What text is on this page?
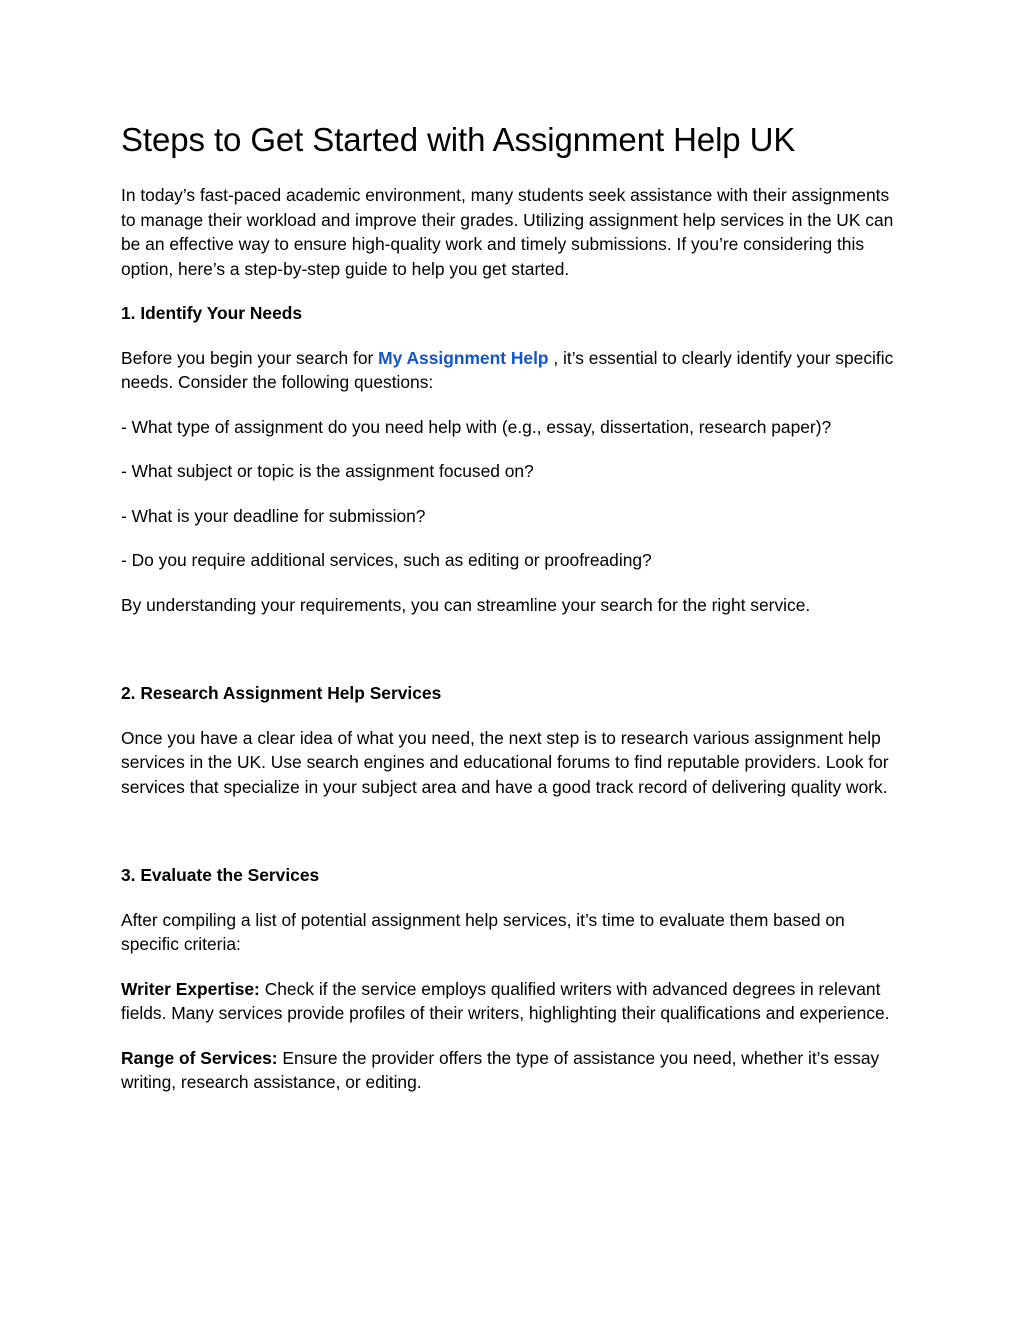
Steps to Get Started with Assignment Help UK

In today’s fast-paced academic environment, many students seek assistance with their assignments to manage their workload and improve their grades. Utilizing assignment help services in the UK can be an effective way to ensure high-quality work and timely submissions. If you’re considering this option, here’s a step-by-step guide to help you get started.

1. Identify Your Needs

Before you begin your search for My Assignment Help , it’s essential to clearly identify your specific needs. Consider the following questions:

- What type of assignment do you need help with (e.g., essay, dissertation, research paper)?

- What subject or topic is the assignment focused on?

- What is your deadline for submission?

- Do you require additional services, such as editing or proofreading?

By understanding your requirements, you can streamline your search for the right service.

2. Research Assignment Help Services

Once you have a clear idea of what you need, the next step is to research various assignment help services in the UK. Use search engines and educational forums to find reputable providers. Look for services that specialize in your subject area and have a good track record of delivering quality work.

3. Evaluate the Services

After compiling a list of potential assignment help services, it’s time to evaluate them based on specific criteria:

Writer Expertise: Check if the service employs qualified writers with advanced degrees in relevant fields. Many services provide profiles of their writers, highlighting their qualifications and experience.

Range of Services: Ensure the provider offers the type of assistance you need, whether it’s essay writing, research assistance, or editing.
